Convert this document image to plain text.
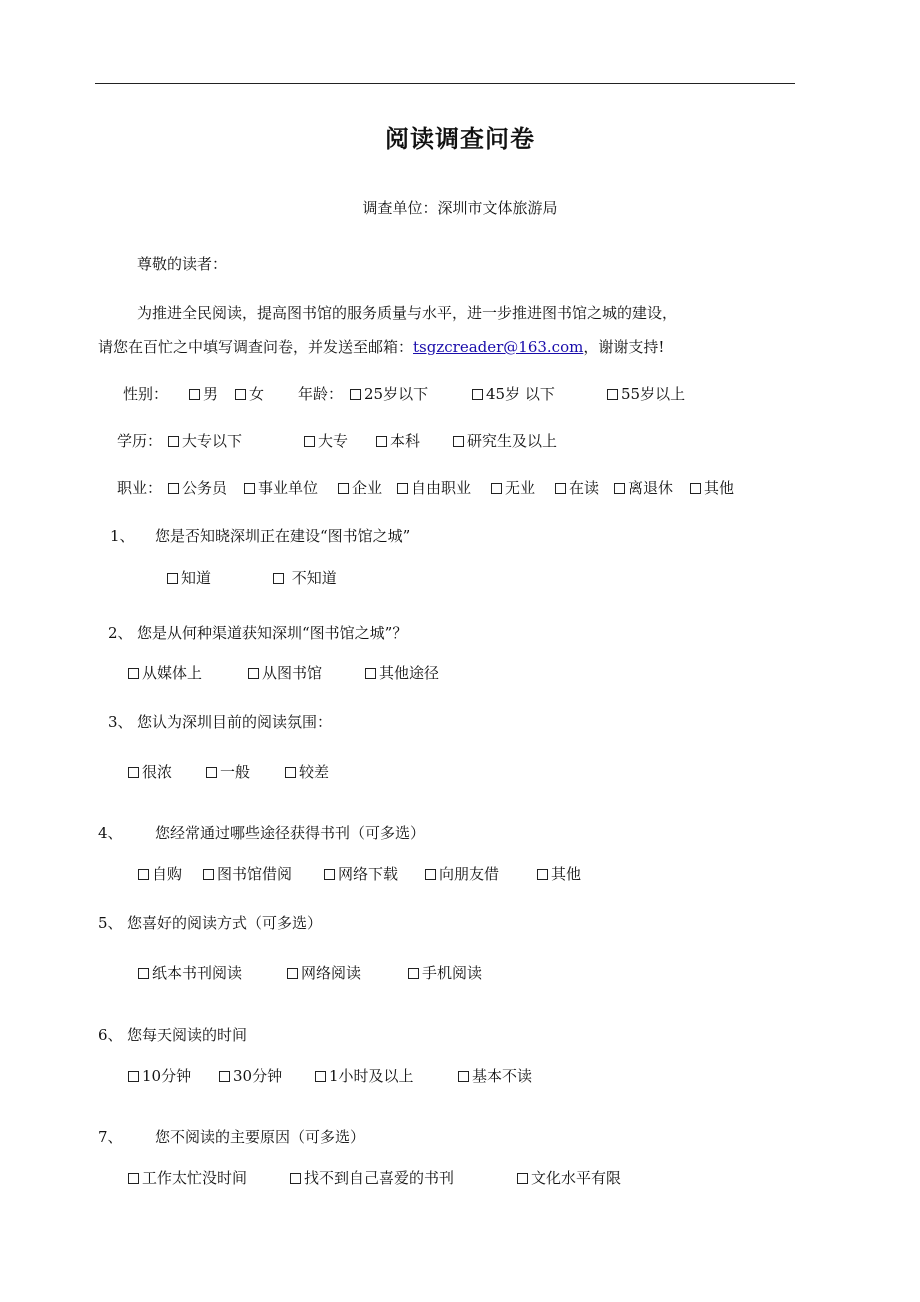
阅读调查问卷
调查单位：深圳市文体旅游局
尊敬的读者：
为推进全民阅读，提高图书馆的服务质量与水平，进一步推进图书馆之城的建设，
请您在百忙之中填写调查问卷，并发送至邮箱：tsgzcreader@163.com，谢谢支持!
性别：	男	女 年龄：	25岁以下	45岁 以下	55岁以上
学历：	大专以下	大专	本科	研究生及以上
职业：	公务员	事业单位	企业	自由职业	无业	在读	离退休	其他
1、 您是否知晓深圳正在建设“图书馆之城”
知道	不知道
2、 您是从何种渠道获知深圳“图书馆之城”？
从媒体上	从图书馆	其他途径
3、 您认为深圳目前的阅读氛围：
很浓	一般	较差
4、 您经常通过哪些途径获得书刊（可多选）
自购	图书馆借阅	网络下载	向朋友借	其他
5、 您喜好的阅读方式（可多选）
纸本书刊阅读	网络阅读	手机阅读
6、 您每天阅读的时间
10分钟	30分钟	1小时及以上	基本不读
7、 您不阅读的主要原因（可多选）
工作太忙没时间	找不到自己喜爱的书刊	文化水平有限
